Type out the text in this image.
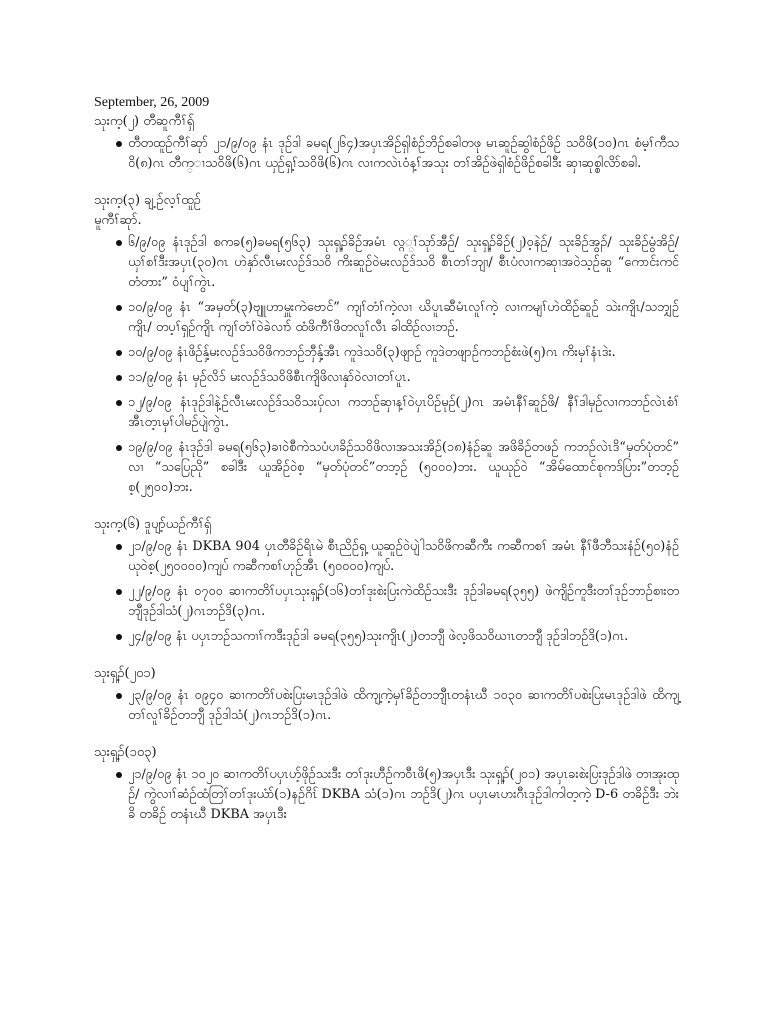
September, 26, 2009

သုးက့(၂) တီဆူကီၢ်ရှ်

တီတထူဉ်ကီၢ်ဆုာ် ၂၁/၉/၀၉ နံၤ ဒုဉ်ဒါ ခမရ(၂၆၄)အပှၤအိဉ်ရှါစံဉ်ဘိဉ်စခါတဖု မၤဆူဉ်ဆွါစံဉ်ဖိဉ် သဝိဖိ(၁၀)ဂၤ စံမ့ၢ်ကီသဝိ(၈)ဂၤ တီက္ၢသဝိဖိ(၆)ဂၤ ယှဉ်ရှ့ၢ်သဝိဖိ(၆)ဂၤ လၢကလဲၤဝံန့ၢ်အသုး တၢ်အိဉ်ဖဲရှါစံဉ်ဖိဉ်စခါဒီး ဆှၢဆုစ္စါလိာ်စခါ.

သုးက့(၃) ချ့ဉ်လ့ၢ်ထူဉ်

မူကီၢ်ဆုာ်.

၆/၉/၀၉ နံၤဒုဉ်ဒါ စကခ(၅)ခမရ(၅၆၃) သုးရှ့ၣ်ခိဉ်အမံၤ လ္ဂ္ၢ်သုာ်အီဉ်/ သုးရှ့ၣ်ခိဉ်(၂)ဝ့နဲဉ်/ သုးခိဉ်အွၣ်/ သုးခိဉ်မွံအိဉ်/ ယှၢ်စၢ်ဒီးအပှၤ(၃၀)ဂၤ ဟဲနှာ်လီၤမးလဉ်ဒ်သဝိ ကိးဆူဉ်ဝဲမးလဉ်ဒ်သဝိ စီၤတၢ်ဘျၢ/ စီၤပံလၢကဆုၢအဝဲသ့ဉ်ဆူ “ကောင်းကင်တံတား” ဝံပျၢ်ကွဲၤ.
၁၀/၉/၀၉ နံၤ “အမှတ်(၃)ဗျူဟာမှူးကဲဗောင်” ကျၢ်တံၢ်ကဲ့လၢ ဃိပူၤဆီမံၤလူၢ်ကဲ့ လၢကမျၢ်ဟဲထိဉ်ဆူဉ် သဲးကျိၤ/သဘျှဉ်ကျိၤ/ တပ့ၢ်ရှဉ်ကျိၤ ကျၢ်တံၢ်ဝဲခဲလၢာ် ထံဖိကီၢ်ဖိတလူၢ်လီၤ ခါထိဉ်လၢဘဉ်.
၁၀/၉/၀၉ နံၤဖိဉ်နှ့်မးလဉ်ဒ်သဝိဖိကဘဉ်ဘှီနှ့်အီၤ ကူဒဲသဝိ(၃)ဖျာဉ် ကူဒဲတဖျာဉ်ကဘဉ်စံးဖဲ(၅)ဂၤ ကိးမှၢ်နံၤဒဲး.
၁၁/၉/၀၉ နံၤ မှဉ်လိ၁် မးလဉ်ဒ်သဝိဖိစီၤကျိဖိလၢနှာ်ဝဲလၢတၢ်ပူၤ.
၁၂/၉/၀၉ နံၤဒုဉ်ဒါနဲ့ဉ်လီၤမးလဉ်ဒ်သဝိသးပှ်လၢ ကဘဉ်ဆှၢန့ၢ်ဝဲပှၤပိဉ်မုဉ်(၂)ဂၤ အမံၤနီၢ်ဆူဉ်ဖိ/ နီၢ်ဒါမှဉ်လၢကဘဉ်လဲၤစံၢ်အီၤတ့ၤမှၢ်ပါမဉ်ပျဲကွဲၤ.
၁၉/၉/၀၉ နံၤဒုဉ်ဒါ ခမရ(၅၆၃)ခၢဝဲစီကဲသပံပၢခိဉ်သဝိဖိလၢအသးအိဉ်(၁၈)နံဉ်ဆူ အဖိခိဉ်တဖဉ် ကဘဉ်လဲၤဒိ“မှတ်ပုံတင်” လၢ “သပြေညို” စခါဒီး ယူအိဉ်ဝဲစ့ “မှတ်ပုံတင်”တဘ့ဉ် (၅၀၀၀)ဘး. ယူယုဉ်ဝဲ “အိမ်ထောင်စုကဒ်ပြား”တဘ့ဉ်စ့(၂၅၀၀)ဘး.

သုးက့(၆) ဒူပျ့ာ်ယဉ်ကီၢ်ရှ်

၂၁/၉/၀၉ နံၤ DKBA 904 ပှၤတီခိဉ်ရိၤမဲ စီၤညိဉ်ရှ့ ယူဆူဉ်ဝဲပျဲါသဝိဖိကဆီကီး ကဆီကစၢ် အမံၤ နီၢ်ဖီဘီသးနံဉ်(၅၀)နံဉ် ယုဝဲစ့(၂၅၀၀၀၀)ကျပ် ကဆီကစၢ်ဟုဉ်အီၤ (၅၀၀၀၀)ကျပ်.
၂၂/၉/၀၉ နံၤ ၀၇၀၀ ဆၢကတိၢ်ပပှၤသုးရှ့ၣ်(၁၆)တၢ်ဒုးစဲးပြးကဲထိဉ်သးဒီး ဒုဉ်ဒါခမရ(၃၅၅) ဖဲကျိဉ်ကူဒီးတၢ်ဒုဉ်ဘာဉ်စၢးတဘျီဒုဉ်ဒါသံ(၂)ဂၤဘဉ်ဒိ(၃)ဂၤ.
၂၄/၉/၀၉ နံၤ ပပှၤဘဉ်သကၢၢ်ကဒီးဒုဉ်ဒါ ခမရ(၃၅၅)သုးကျိၤ(၂)တဘျီ ဖဲလ့ဖိသဝိဃၢၤတဘျီ ဒုဉ်ဒါဘဉ်ဒိ(၁)ဂၤ.

သုးရှ့ၣ်(၂၀၁)

၂၃/၉/၀၉ နံၤ ၀၉၄၀ ဆၢကတိၢ်ပစဲးပြးမၤဒုဉ်ဒါဖဲ ထိကျ့ကဲ့မှၢ်ခိဉ်တဘျီၤတနံၤဃီ ၁၀၃၀ ဆၢကတိၢ်ပစဲးပြးမၤဒုဉ်ဒါဖဲ ထိကျ့တၢ်လူၢ်ခိဉ်တဘျီ ဒုဉ်ဒါသံ(၂)ဂၤဘဉ်ဒိ(၁)ဂၤ.

သုးရှ့ၣ်(၁၀၃)

၂၁/၉/၀၉ နံၤ ၁၀၂၀ ဆၢကတိၢ်ပပှၤဟ့်ဖိုဉ်သးဒီး တၢ်ဒုးဟီဉ်ကဝီၤဖိ(၅)အပှၤဒီး သုးရှ့ၣ်(၂၀၁) အပှၤခးစဲးပြးဒုဉ်ဒါဖဲ တၢအုးထုဉ်/ ကွဲလၢၢ်ဆံဉ်ထံတြၢ်တၢ်ဒုးယံာ်(၁)နဉ်ဂိၤ် DKBA သံ(၁)ဂၤ ဘဉ်ဒိ(၂)ဂၤ ပပှၤမၤဟးဂီၤဒုဉ်ဒါကါတ့ကဲ့ D-6 တခိဉ်ဒီး ဘဲးခိ တခိဉ် တနံၤဃီ DKBA အပှၤဒီး
